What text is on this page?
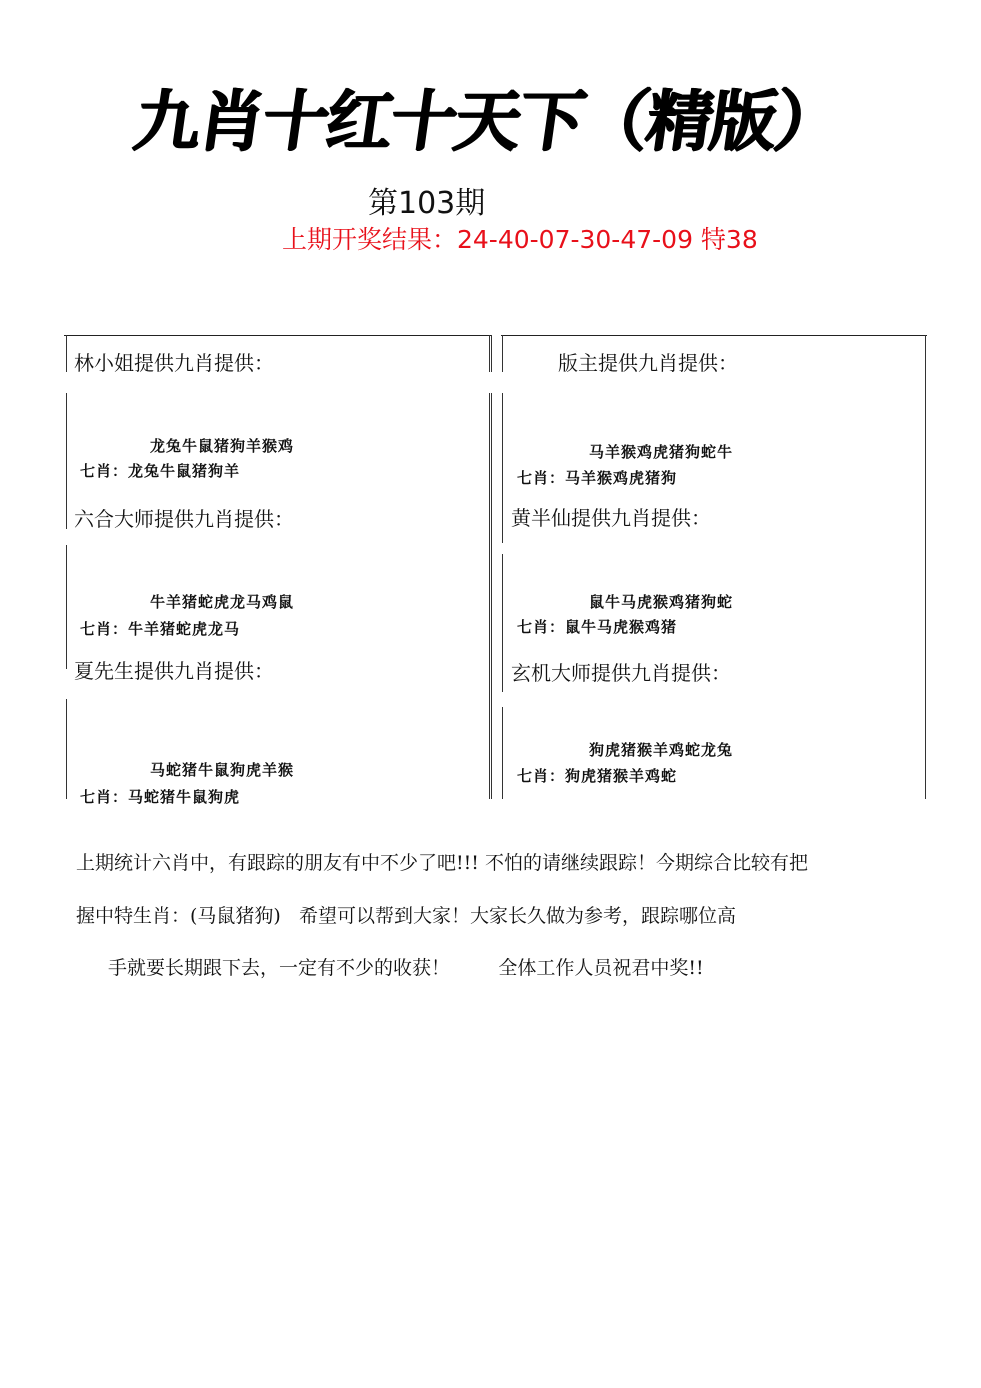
九肖十红十天下（精版）
第103期
上期开奖结果：24-40-07-30-47-09 特38
林小姐提供九肖提供：
龙兔牛鼠猪狗羊猴鸡
七肖：龙兔牛鼠猪狗羊
六合大师提供九肖提供：
牛羊猪蛇虎龙马鸡鼠
七肖：牛羊猪蛇虎龙马
夏先生提供九肖提供：
马蛇猪牛鼠狗虎羊猴
七肖：马蛇猪牛鼠狗虎
版主提供九肖提供：
马羊猴鸡虎猪狗蛇牛
七肖：马羊猴鸡虎猪狗
黄半仙提供九肖提供：
鼠牛马虎猴鸡猪狗蛇
七肖：鼠牛马虎猴鸡猪
玄机大师提供九肖提供：
狗虎猪猴羊鸡蛇龙兔
七肖：狗虎猪猴羊鸡蛇
上期统计六肖中，有跟踪的朋友有中不少了吧!!! 不怕的请继续跟踪！今期综合比较有把
握中特生肖：(马鼠猪狗)   希望可以帮到大家！大家长久做为参考，跟踪哪位高
手就要长期跟下去，一定有不少的收获！        全体工作人员祝君中奖!!
